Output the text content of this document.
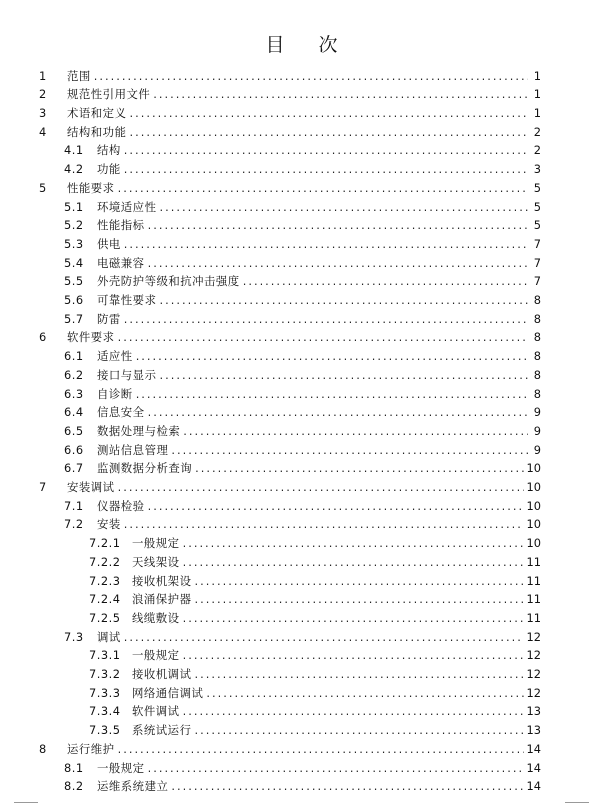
目 次
1	范围 .....	1
2	规范性引用文件 .....	1
3	术语和定义 .....	1
4	结构和功能 .....	2
4.1	结构 .....	2
4.2	功能 .....	3
5	性能要求 .....	5
5.1	环境适应性 .....	5
5.2	性能指标 .....	5
5.3	供电 .....	7
5.4	电磁兼容 .....	7
5.5	外壳防护等级和抗冲击强度 .....	7
5.6	可靠性要求 .....	8
5.7	防雷 .....	8
6	软件要求 .....	8
6.1	适应性 .....	8
6.2	接口与显示 .....	8
6.3	自诊断 .....	8
6.4	信息安全 .....	9
6.5	数据处理与检索 .....	9
6.6	测站信息管理 .....	9
6.7	监测数据分析查询 .....	10
7	安装调试 .....	10
7.1	仪器检验 .....	10
7.2	安装 .....	10
7.2.1	一般规定 .....	10
7.2.2	天线架设 .....	11
7.2.3	接收机架设 .....	11
7.2.4	浪涌保护器 .....	11
7.2.5	线缆敷设 .....	11
7.3	调试 .....	12
7.3.1	一般规定 .....	12
7.3.2	接收机调试 .....	12
7.3.3	网络通信调试 .....	12
7.3.4	软件调试 .....	13
7.3.5	系统试运行 .....	13
8	运行维护 .....	14
8.1	一般规定 .....	14
8.2	运维系统建立 .....	14
